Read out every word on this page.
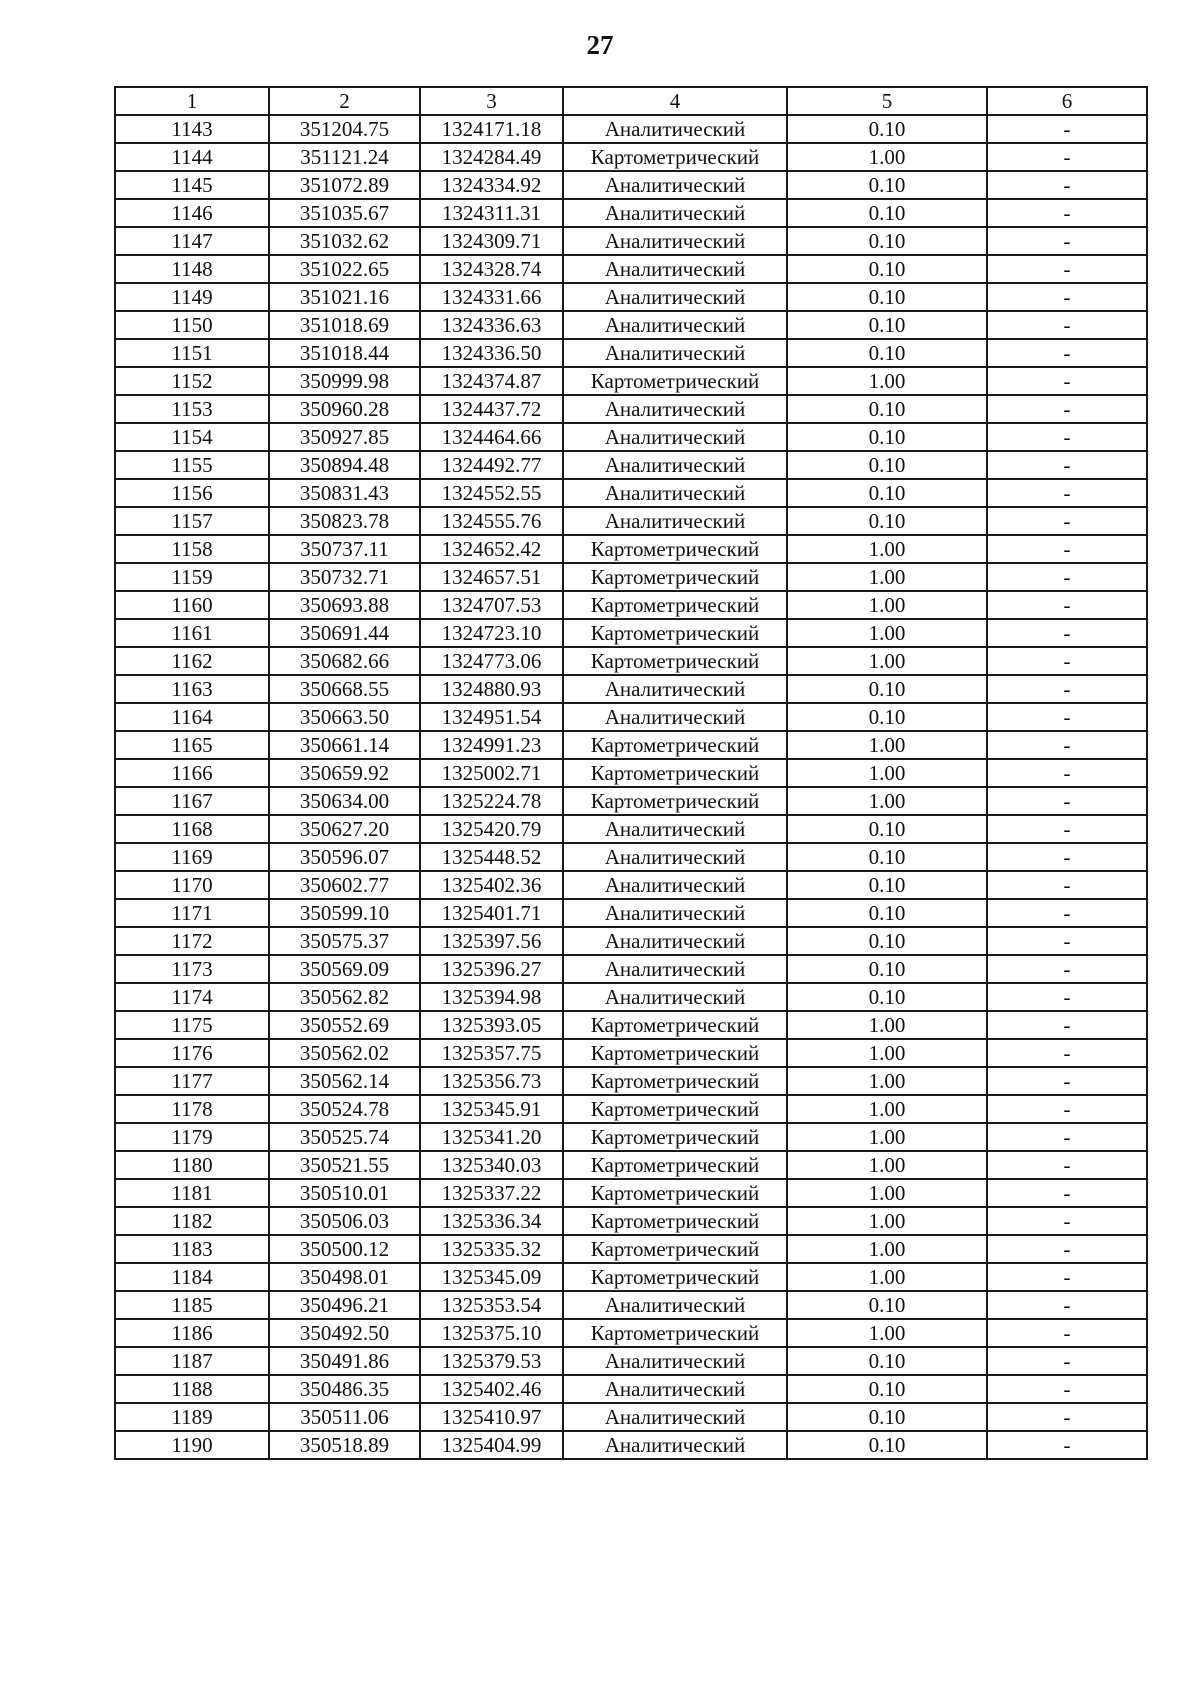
27
1	2	3	4	5	6
1143	351204.75	1324171.18	Аналитический	0.10	-
1144	351121.24	1324284.49	Картометрический	1.00	-
1145	351072.89	1324334.92	Аналитический	0.10	-
1146	351035.67	1324311.31	Аналитический	0.10	-
1147	351032.62	1324309.71	Аналитический	0.10	-
1148	351022.65	1324328.74	Аналитический	0.10	-
1149	351021.16	1324331.66	Аналитический	0.10	-
1150	351018.69	1324336.63	Аналитический	0.10	-
1151	351018.44	1324336.50	Аналитический	0.10	-
1152	350999.98	1324374.87	Картометрический	1.00	-
1153	350960.28	1324437.72	Аналитический	0.10	-
1154	350927.85	1324464.66	Аналитический	0.10	-
1155	350894.48	1324492.77	Аналитический	0.10	-
1156	350831.43	1324552.55	Аналитический	0.10	-
1157	350823.78	1324555.76	Аналитический	0.10	-
1158	350737.11	1324652.42	Картометрический	1.00	-
1159	350732.71	1324657.51	Картометрический	1.00	-
1160	350693.88	1324707.53	Картометрический	1.00	-
1161	350691.44	1324723.10	Картометрический	1.00	-
1162	350682.66	1324773.06	Картометрический	1.00	-
1163	350668.55	1324880.93	Аналитический	0.10	-
1164	350663.50	1324951.54	Аналитический	0.10	-
1165	350661.14	1324991.23	Картометрический	1.00	-
1166	350659.92	1325002.71	Картометрический	1.00	-
1167	350634.00	1325224.78	Картометрический	1.00	-
1168	350627.20	1325420.79	Аналитический	0.10	-
1169	350596.07	1325448.52	Аналитический	0.10	-
1170	350602.77	1325402.36	Аналитический	0.10	-
1171	350599.10	1325401.71	Аналитический	0.10	-
1172	350575.37	1325397.56	Аналитический	0.10	-
1173	350569.09	1325396.27	Аналитический	0.10	-
1174	350562.82	1325394.98	Аналитический	0.10	-
1175	350552.69	1325393.05	Картометрический	1.00	-
1176	350562.02	1325357.75	Картометрический	1.00	-
1177	350562.14	1325356.73	Картометрический	1.00	-
1178	350524.78	1325345.91	Картометрический	1.00	-
1179	350525.74	1325341.20	Картометрический	1.00	-
1180	350521.55	1325340.03	Картометрический	1.00	-
1181	350510.01	1325337.22	Картометрический	1.00	-
1182	350506.03	1325336.34	Картометрический	1.00	-
1183	350500.12	1325335.32	Картометрический	1.00	-
1184	350498.01	1325345.09	Картометрический	1.00	-
1185	350496.21	1325353.54	Аналитический	0.10	-
1186	350492.50	1325375.10	Картометрический	1.00	-
1187	350491.86	1325379.53	Аналитический	0.10	-
1188	350486.35	1325402.46	Аналитический	0.10	-
1189	350511.06	1325410.97	Аналитический	0.10	-
1190	350518.89	1325404.99	Аналитический	0.10	-
